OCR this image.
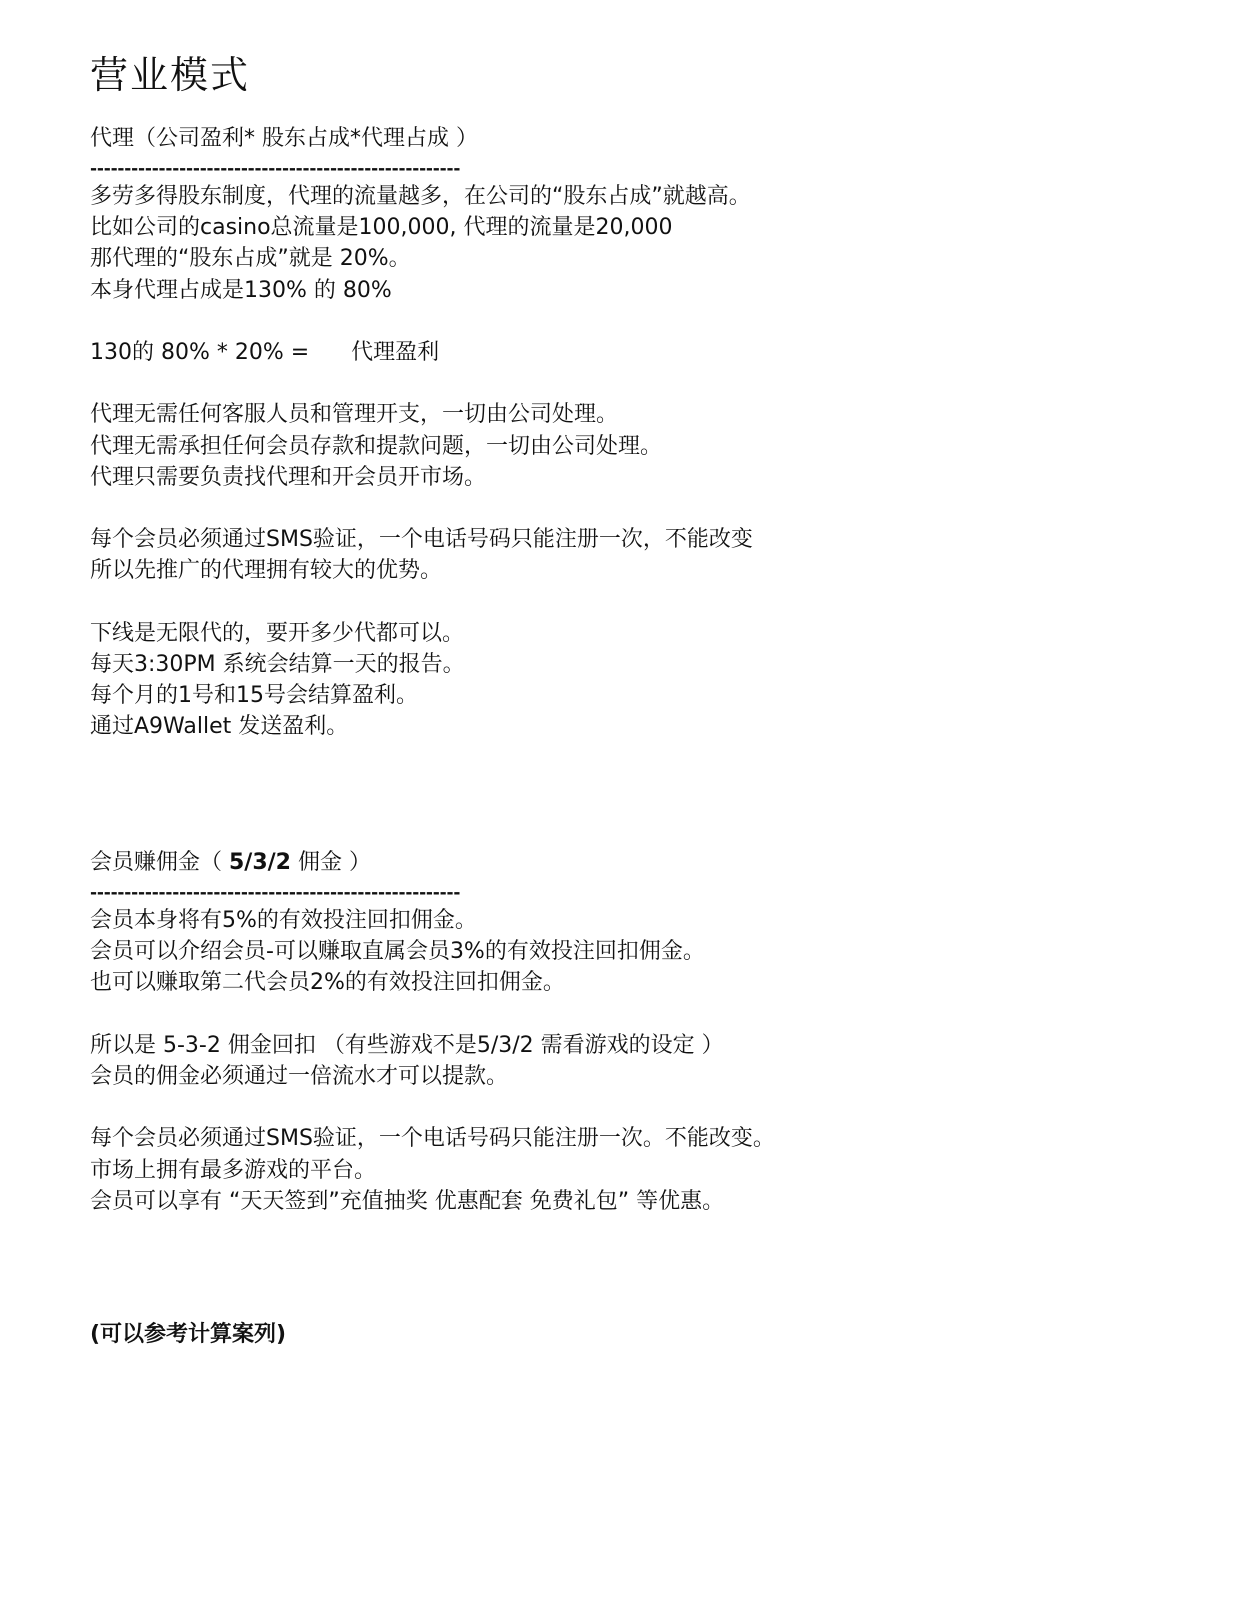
营业模式
代理（公司盈利* 股东占成*代理占成 ）
------------------------------------------------------
多劳多得股东制度，代理的流量越多，在公司的“股东占成”就越高。
比如公司的casino总流量是100,000, 代理的流量是20,000
那代理的“股东占成”就是 20%。
本身代理占成是130% 的 80%
130的 80% * 20% =      代理盈利
代理无需任何客服人员和管理开支，一切由公司处理。
代理无需承担任何会员存款和提款问题，一切由公司处理。
代理只需要负责找代理和开会员开市场。
每个会员必须通过SMS验证，一个电话号码只能注册一次，不能改变
所以先推广的代理拥有较大的优势。
下线是无限代的，要开多少代都可以。
每天3:30PM 系统会结算一天的报告。
每个月的1号和15号会结算盈利。
通过A9Wallet 发送盈利。
会员赚佣金（ 5/3/2 佣金 ）
------------------------------------------------------
会员本身将有5%的有效投注回扣佣金。
会员可以介绍会员-可以赚取直属会员3%的有效投注回扣佣金。
也可以赚取第二代会员2%的有效投注回扣佣金。
所以是 5-3-2 佣金回扣 （有些游戏不是5/3/2 需看游戏的设定 ）
会员的佣金必须通过一倍流水才可以提款。
每个会员必须通过SMS验证，一个电话号码只能注册一次。不能改变。
市场上拥有最多游戏的平台。
会员可以享有 “天天签到”充值抽奖 优惠配套 免费礼包” 等优惠。
(可以参考计算案列)
